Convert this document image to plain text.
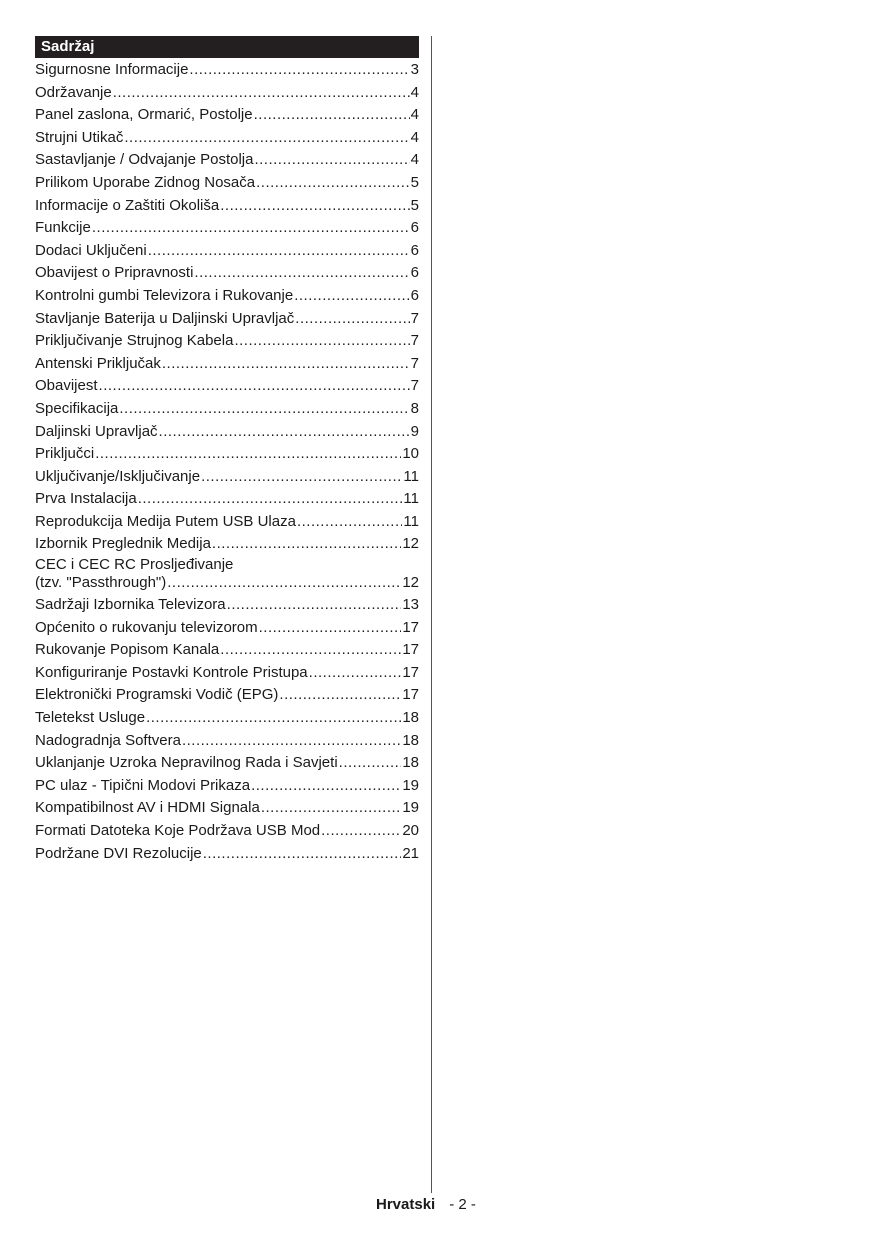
Sadržaj
Sigurnosne Informacije .....	3
Održavanje .....	4
Panel zaslona, Ormarić, Postolje .....	4
Strujni Utikač .....	4
Sastavljanje / Odvajanje Postolja .....	4
Prilikom Uporabe Zidnog Nosača .....	5
Informacije o Zaštiti Okoliša .....	5
Funkcije .....	6
Dodaci Uključeni .....	6
Obavijest o Pripravnosti .....	6
Kontrolni gumbi Televizora i Rukovanje .....	6
Stavljanje Baterija u Daljinski Upravljač .....	7
Priključivanje Strujnog Kabela .....	7
Antenski Priključak .....	7
Obavijest .....	7
Specifikacija .....	8
Daljinski Upravljač .....	9
Priključci .....	10
Uključivanje/Isključivanje .....	11
Prva Instalacija .....	11
Reprodukcija Medija Putem USB Ulaza .....	11
Izbornik Preglednik Medija .....	12
CEC i CEC RC Proslјeđivanje
(tzv. "Passthrough") .....	12
Sadržaji Izbornika Televizora .....	13
Općenito o rukovanju televizorom .....	17
Rukovanje Popisom Kanala .....	17
Konfiguriranje Postavki Kontrole Pristupa .....	17
Elektronički Programski Vodič (EPG) .....	17
Teletekst Usluge .....	18
Nadogradnja Softvera .....	18
Uklanjanje Uzroka Nepravilnog Rada i Savjeti .....	18
PC ulaz - Tipični Modovi Prikaza .....	19
Kompatibilnost AV i HDMI Signala .....	19
Formati Datoteka Koje Podržava USB Mod .....	20
Podržane DVI Rezolucije .....	21
Hrvatski - 2 -
